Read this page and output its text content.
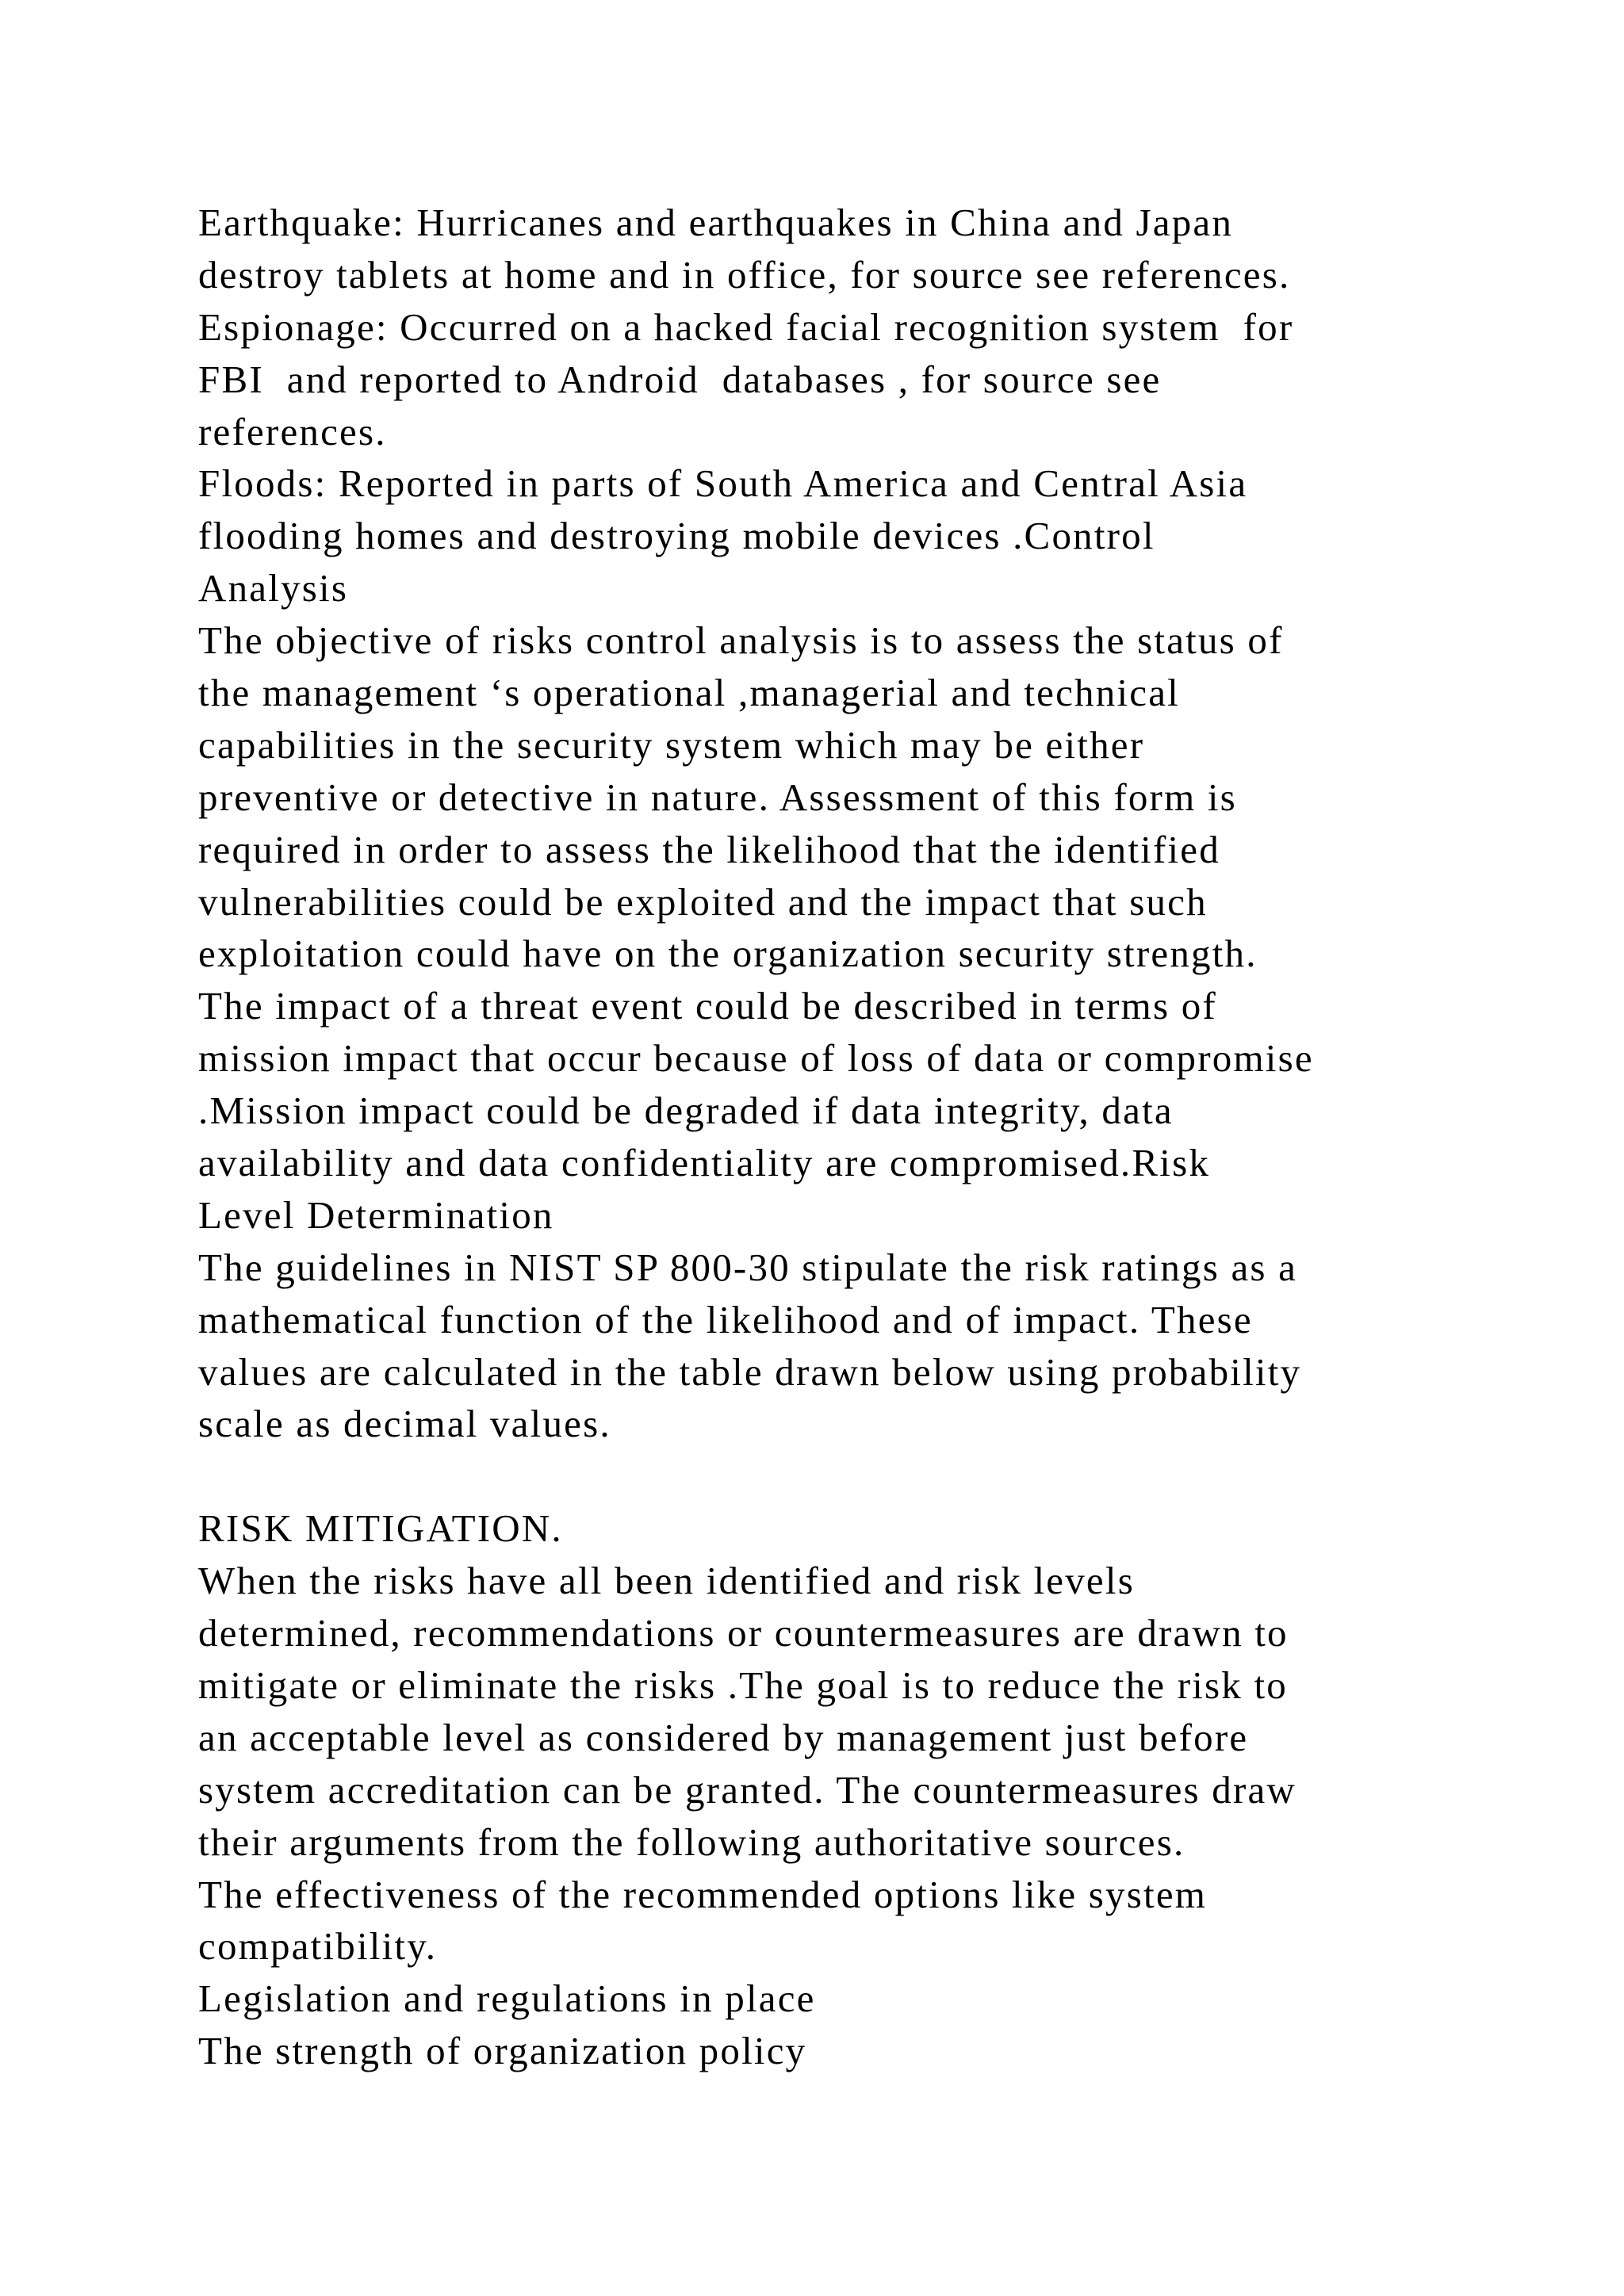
Earthquake: Hurricanes and earthquakes in China and Japan
destroy tablets at home and in office, for source see references.
Espionage: Occurred on a hacked facial recognition system  for
FBI  and reported to Android  databases , for source see
references.
Floods: Reported in parts of South America and Central Asia
flooding homes and destroying mobile devices .Control
Analysis
The objective of risks control analysis is to assess the status of
the management ‘s operational ,managerial and technical
capabilities in the security system which may be either
preventive or detective in nature. Assessment of this form is
required in order to assess the likelihood that the identified
vulnerabilities could be exploited and the impact that such
exploitation could have on the organization security strength.
The impact of a threat event could be described in terms of
mission impact that occur because of loss of data or compromise
.Mission impact could be degraded if data integrity, data
availability and data confidentiality are compromised.Risk
Level Determination
The guidelines in NIST SP 800-30 stipulate the risk ratings as a
mathematical function of the likelihood and of impact. These
values are calculated in the table drawn below using probability
scale as decimal values.
RISK MITIGATION.
When the risks have all been identified and risk levels
determined, recommendations or countermeasures are drawn to
mitigate or eliminate the risks .The goal is to reduce the risk to
an acceptable level as considered by management just before
system accreditation can be granted. The countermeasures draw
their arguments from the following authoritative sources.
The effectiveness of the recommended options like system
compatibility.
Legislation and regulations in place
The strength of organization policy
